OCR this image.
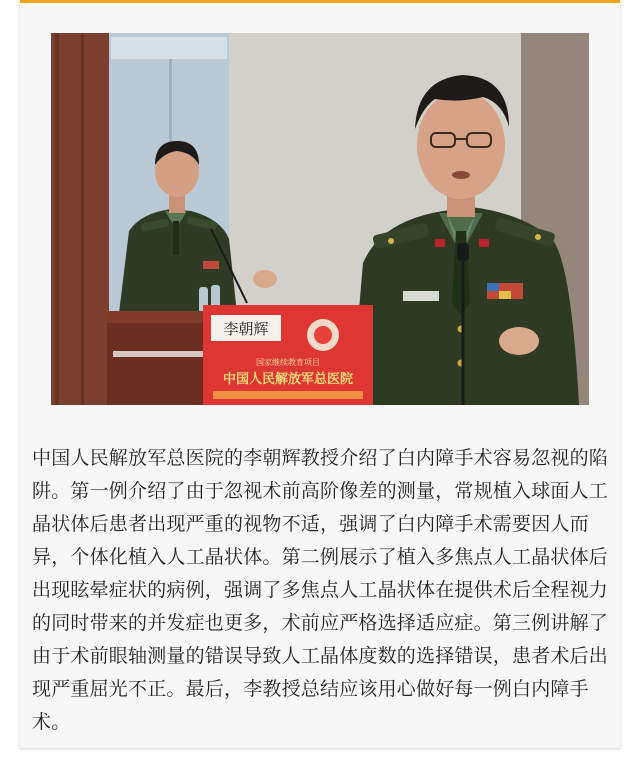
李朝辉
国家继续教育项目
中国人民解放军总医院

中国人民解放军总医院的李朝辉教授介绍了白内障手术容易忽视的陷阱。第一例介绍了由于忽视术前高阶像差的测量，常规植入球面人工晶状体后患者出现严重的视物不适，强调了白内障手术需要因人而异，个体化植入人工晶状体。第二例展示了植入多焦点人工晶状体后出现眩晕症状的病例，强调了多焦点人工晶状体在提供术后全程视力的同时带来的并发症也更多，术前应严格选择适应症。第三例讲解了由于术前眼轴测量的错误导致人工晶体度数的选择错误，患者术后出现严重屈光不正。最后，李教授总结应该用心做好每一例白内障手术。
